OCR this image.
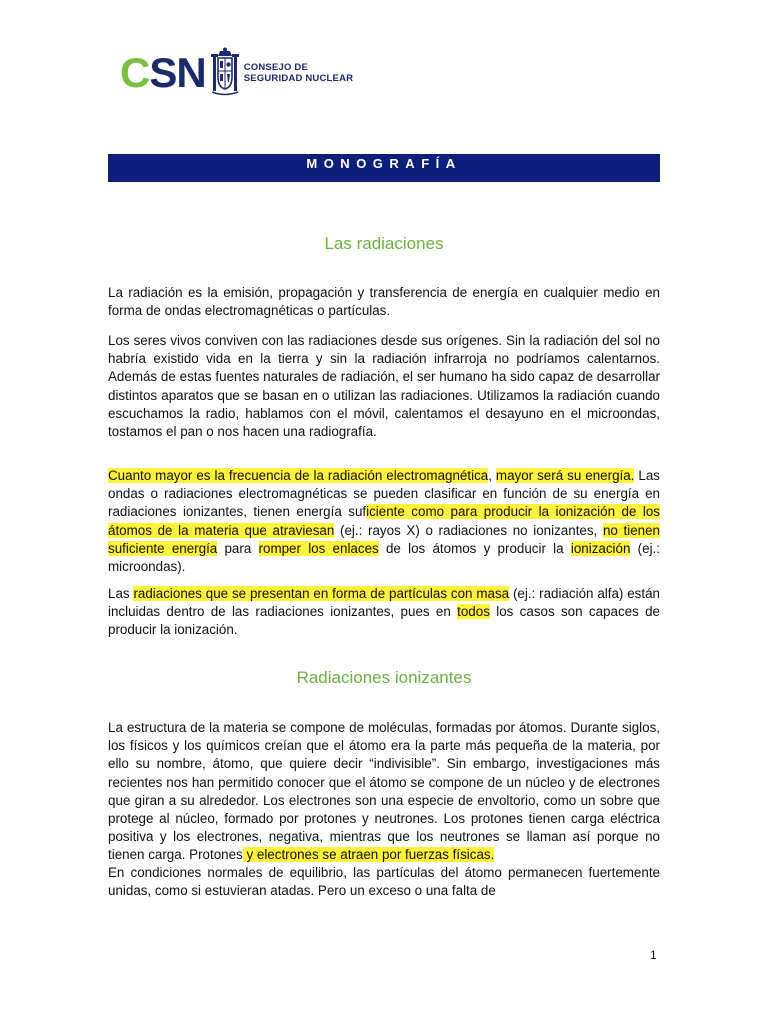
CSN	CONSEJO DE
SEGURIDAD NUCLEAR
MONOGRAFÍA
Las radiaciones

La radiación es la emisión, propagación y transferencia de energía en cualquier medio en forma de ondas electromagnéticas o partículas.

Los seres vivos conviven con las radiaciones desde sus orígenes. Sin la radiación del sol no habría existido vida en la tierra y sin la radiación infrarroja no podríamos calentarnos. Además de estas fuentes naturales de radiación, el ser humano ha sido capaz de desarrollar distintos aparatos que se basan en o utilizan las radiaciones. Utilizamos la radiación cuando escuchamos la radio, hablamos con el móvil, calentamos el desayuno en el microondas, tostamos el pan o nos hacen una radiografía.

Cuanto mayor es la frecuencia de la radiación electromagnética, mayor será su energía. Las ondas o radiaciones electromagnéticas se pueden clasificar en función de su energía en radiaciones ionizantes, tienen energía suficiente como para producir la ionización de los átomos de la materia que atraviesan (ej.: rayos X) o radiaciones no ionizantes, no tienen suficiente energía para romper los enlaces de los átomos y producir la ionización (ej.: microondas).

Las radiaciones que se presentan en forma de partículas con masa (ej.: radiación alfa) están incluidas dentro de las radiaciones ionizantes, pues en todos los casos son capaces de producir la ionización.

Radiaciones ionizantes

La estructura de la materia se compone de moléculas, formadas por átomos. Durante siglos, los físicos y los químicos creían que el átomo era la parte más pequeña de la materia, por ello su nombre, átomo, que quiere decir “indivisible”. Sin embargo, investigaciones más recientes nos han permitido conocer que el átomo se compone de un núcleo y de electrones que giran a su alrededor. Los electrones son una especie de envoltorio, como un sobre que protege al núcleo, formado por protones y neutrones. Los protones tienen carga eléctrica positiva y los electrones, negativa, mientras que los neutrones se llaman así porque no tienen carga. Protones y electrones se atraen por fuerzas físicas.

En condiciones normales de equilibrio, las partículas del átomo permanecen fuertemente unidas, como si estuvieran atadas. Pero un exceso o una falta de

1
